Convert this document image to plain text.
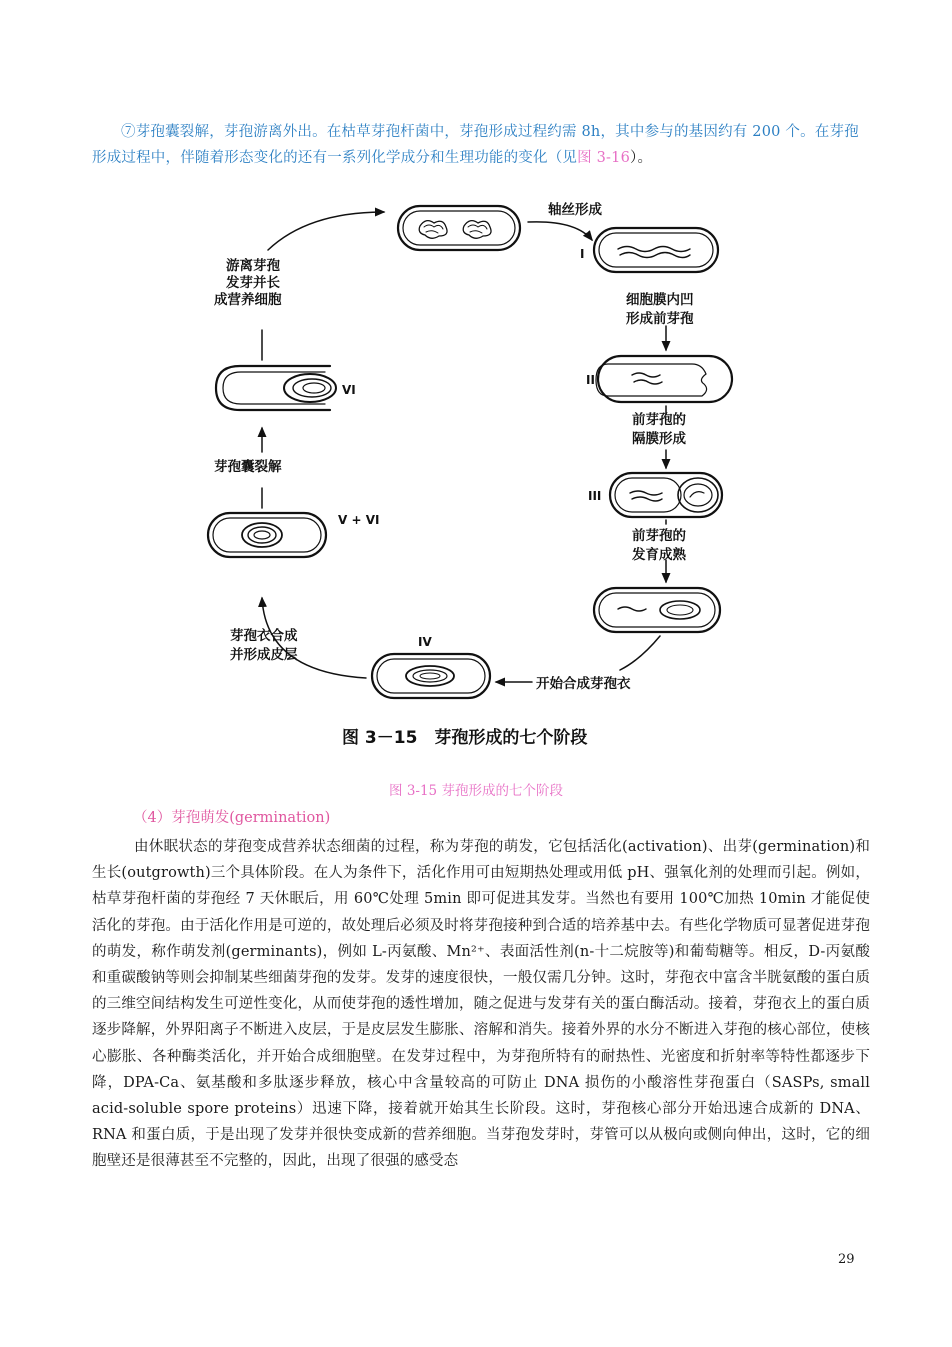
⑦芽孢囊裂解，芽孢游离外出。在枯草芽孢杆菌中，芽孢形成过程约需 8h，其中参与的基因约有 200 个。在芽孢形成过程中，伴随着形态变化的还有一系列化学成分和生理功能的变化（见图 3-16）。

轴丝形成
I
细胞膜内凹
形成前芽孢
II
前芽孢的
隔膜形成
III
前芽孢的
发育成熟
开始合成芽孢衣
IV
芽孢衣合成
并形成皮层
V + VI
芽孢囊裂解
VI
游离芽孢
发芽并长
成营养细胞
图 3－15　芽孢形成的七个阶段
图 3-15 芽孢形成的七个阶段
（4）芽孢萌发(germination)

由休眠状态的芽孢变成营养状态细菌的过程，称为芽孢的萌发，它包括活化(activation)、出芽(germination)和生长(outgrowth)三个具体阶段。在人为条件下，活化作用可由短期热处理或用低 pH、强氧化剂的处理而引起。例如，枯草芽孢杆菌的芽孢经 7 天休眠后，用 60℃处理 5min 即可促进其发芽。当然也有要用 100℃加热 10min 才能促使活化的芽孢。由于活化作用是可逆的，故处理后必须及时将芽孢接种到合适的培养基中去。有些化学物质可显著促进芽孢的萌发，称作萌发剂(germinants)，例如 L-丙氨酸、Mn²⁺、表面活性剂(n-十二烷胺等)和葡萄糖等。相反，D-丙氨酸和重碳酸钠等则会抑制某些细菌芽孢的发芽。发芽的速度很快，一般仅需几分钟。这时，芽孢衣中富含半胱氨酸的蛋白质的三维空间结构发生可逆性变化，从而使芽孢的透性增加，随之促进与发芽有关的蛋白酶活动。接着，芽孢衣上的蛋白质逐步降解，外界阳离子不断进入皮层，于是皮层发生膨胀、溶解和消失。接着外界的水分不断进入芽孢的核心部位，使核心膨胀、各种酶类活化，并开始合成细胞壁。在发芽过程中，为芽孢所特有的耐热性、光密度和折射率等特性都逐步下降，DPA-Ca、氨基酸和多肽逐步释放，核心中含量较高的可防止 DNA 损伤的小酸溶性芽孢蛋白（SASPs, small acid-soluble spore proteins）迅速下降，接着就开始其生长阶段。这时，芽孢核心部分开始迅速合成新的 DNA、RNA 和蛋白质，于是出现了发芽并很快变成新的营养细胞。当芽孢发芽时，芽管可以从极向或侧向伸出，这时，它的细胞壁还是很薄甚至不完整的，因此，出现了很强的感受态

29
